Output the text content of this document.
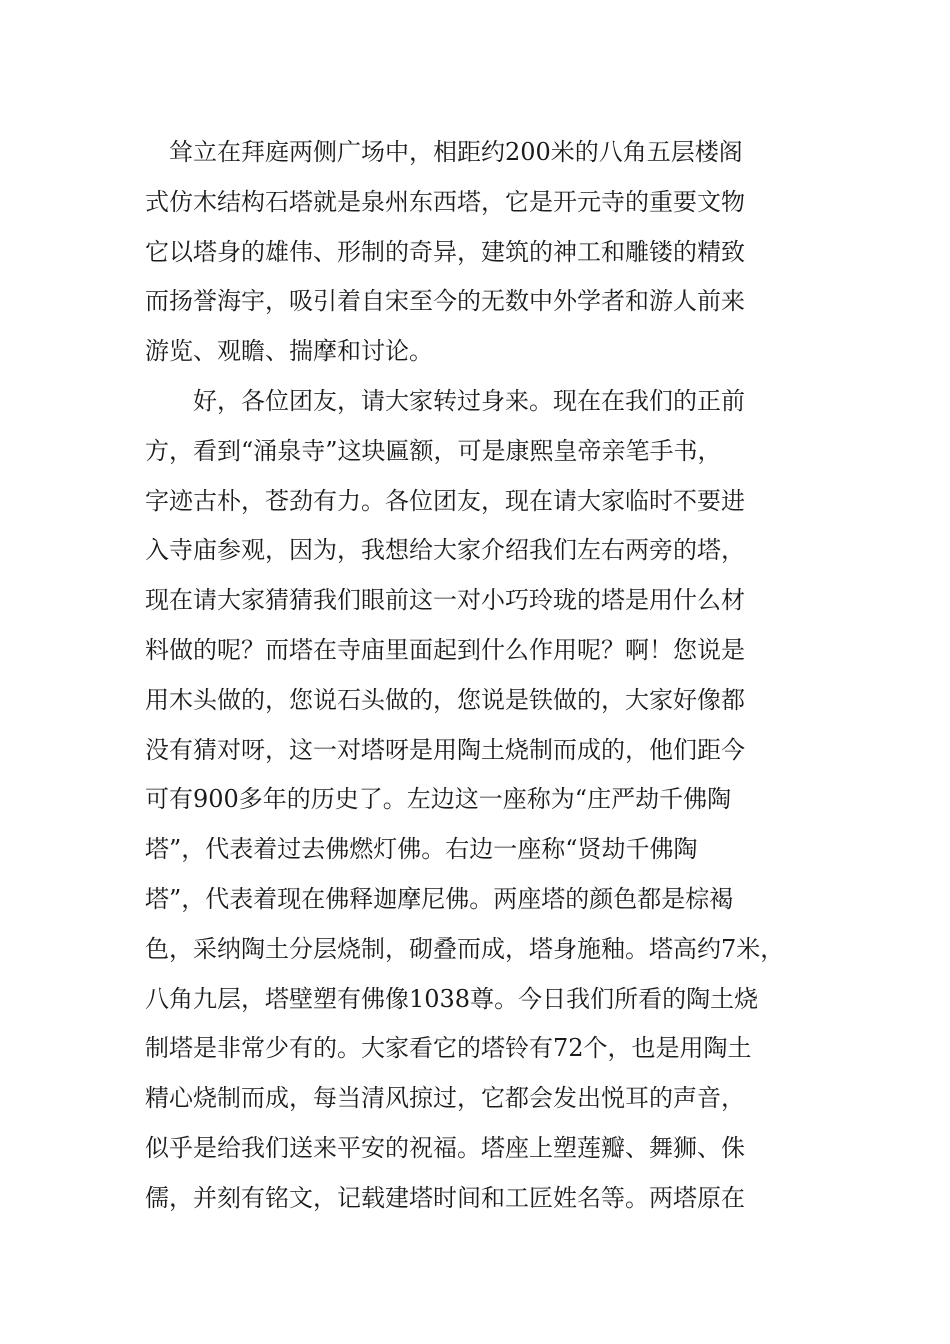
　耸立在拜庭两侧广场中，相距约200米的八角五层楼阁
式仿木结构石塔就是泉州东西塔，它是开元寺的重要文物
它以塔身的雄伟、形制的奇异，建筑的神工和雕镂的精致
而扬誉海宇，吸引着自宋至今的无数中外学者和游人前来
游览、观瞻、揣摩和讨论。
　　好，各位团友，请大家转过身来。现在在我们的正前
方，看到“涌泉寺”这块匾额，可是康熙皇帝亲笔手书，
字迹古朴，苍劲有力。各位团友，现在请大家临时不要进
入寺庙参观，因为，我想给大家介绍我们左右两旁的塔，
现在请大家猜猜我们眼前这一对小巧玲珑的塔是用什么材
料做的呢？而塔在寺庙里面起到什么作用呢？啊！您说是
用木头做的，您说石头做的，您说是铁做的，大家好像都
没有猜对呀，这一对塔呀是用陶土烧制而成的，他们距今
可有900多年的历史了。左边这一座称为“庄严劫千佛陶
塔”，代表着过去佛燃灯佛。右边一座称“贤劫千佛陶
塔”，代表着现在佛释迦摩尼佛。两座塔的颜色都是棕褐
色，采纳陶土分层烧制，砌叠而成，塔身施釉。塔高约7米，
八角九层，塔壁塑有佛像1038尊。今日我们所看的陶土烧
制塔是非常少有的。大家看它的塔铃有72个，也是用陶土
精心烧制而成，每当清风掠过，它都会发出悦耳的声音，
似乎是给我们送来平安的祝福。塔座上塑莲瓣、舞狮、侏
儒，并刻有铭文，记载建塔时间和工匠姓名等。两塔原在
